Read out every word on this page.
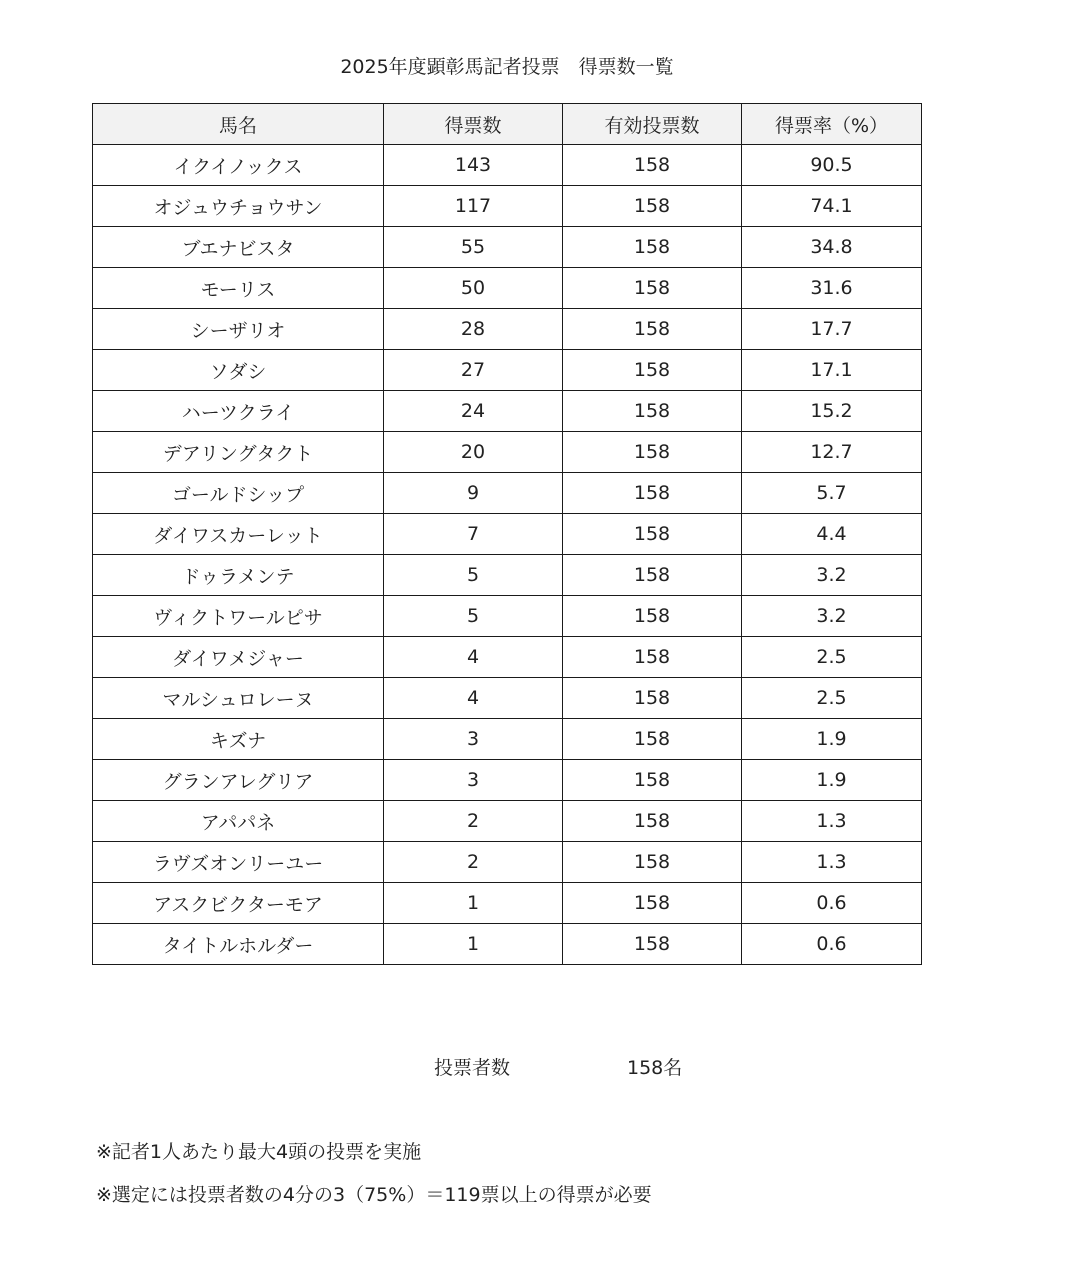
2025年度顕彰馬記者投票　得票数一覧
馬名	得票数	有効投票数	得票率（%）
イクイノックス	143	158	90.5
オジュウチョウサン	117	158	74.1
ブエナビスタ	55	158	34.8
モーリス	50	158	31.6
シーザリオ	28	158	17.7
ソダシ	27	158	17.1
ハーツクライ	24	158	15.2
デアリングタクト	20	158	12.7
ゴールドシップ	9	158	5.7
ダイワスカーレット	7	158	4.4
ドゥラメンテ	5	158	3.2
ヴィクトワールピサ	5	158	3.2
ダイワメジャー	4	158	2.5
マルシュロレーヌ	4	158	2.5
キズナ	3	158	1.9
グランアレグリア	3	158	1.9
アパパネ	2	158	1.3
ラヴズオンリーユー	2	158	1.3
アスクビクターモア	1	158	0.6
タイトルホルダー	1	158	0.6
投票者数	158名
※記者1人あたり最大4頭の投票を実施
※選定には投票者数の4分の3（75%）＝119票以上の得票が必要
